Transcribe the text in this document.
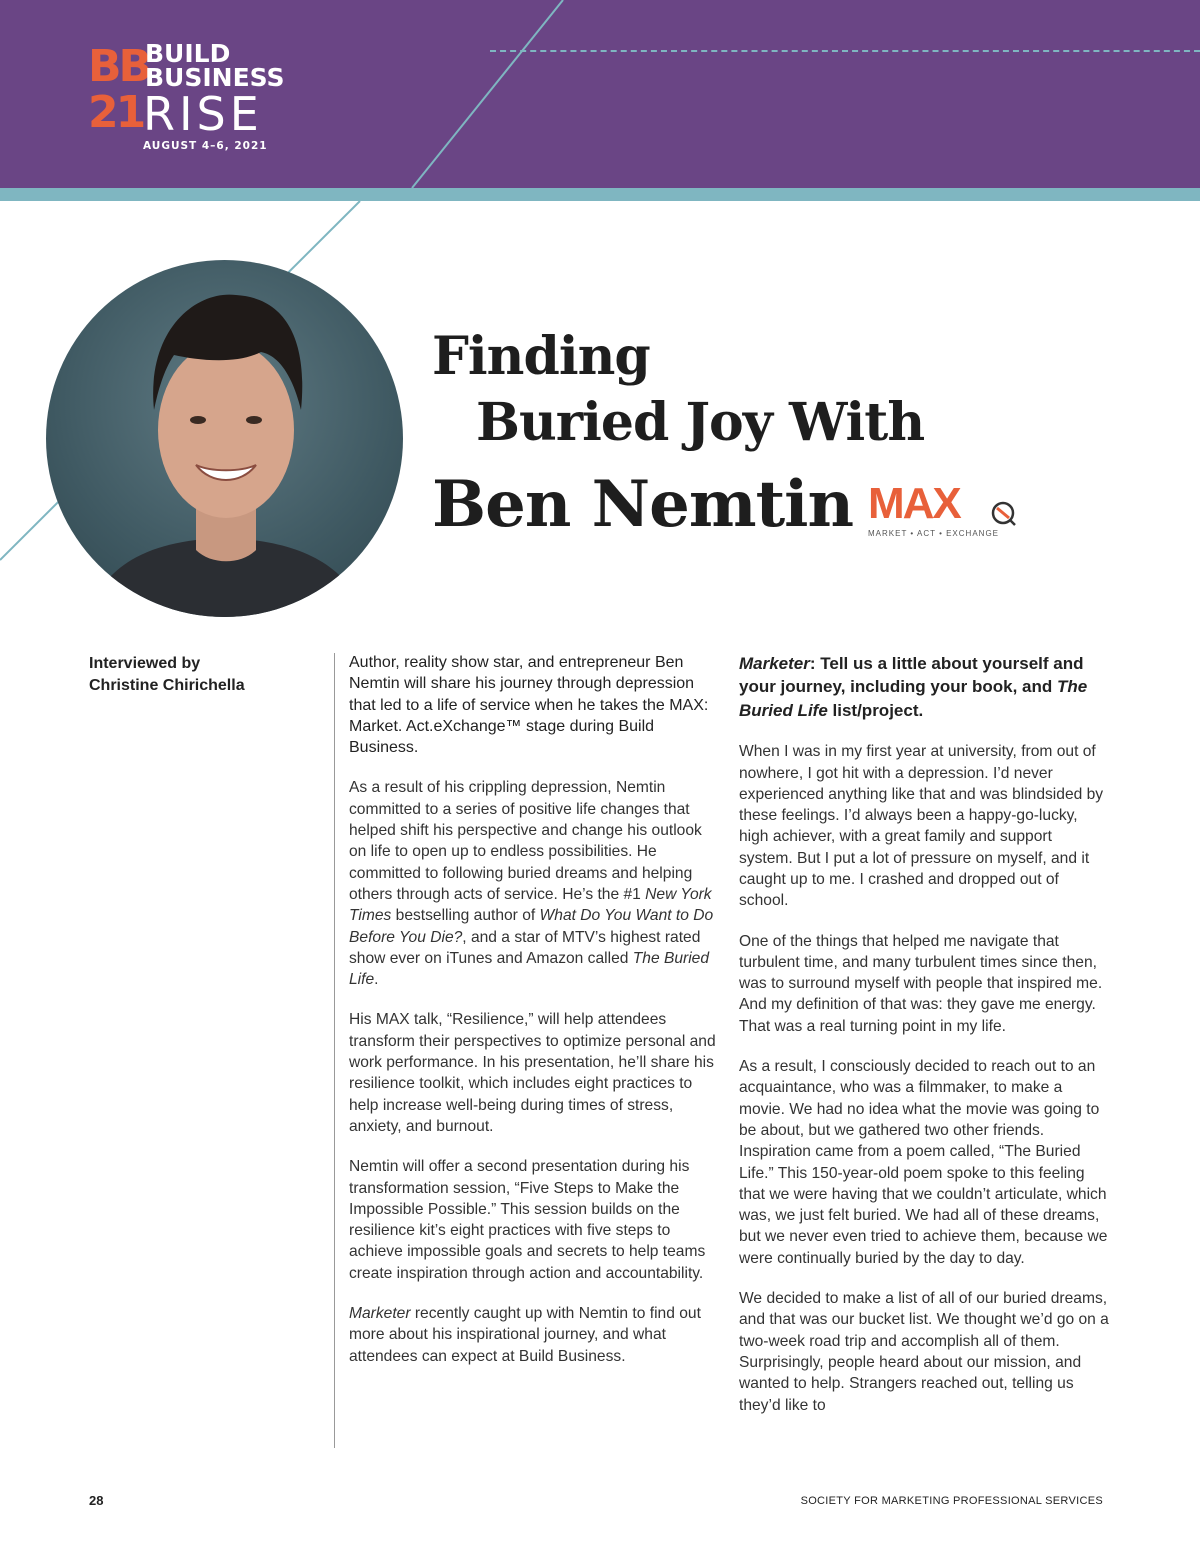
BB
21
BUILD
BUSINESS
RISE
AUGUST 4–6, 2021
Finding
Buried Joy With
Ben Nemtin MAX
MARKET • ACT • EXCHANGE
Interviewed by
Christine Chirichella

Author, reality show star, and entrepreneur Ben Nemtin will share his journey through depression that led to a life of service when he takes the MAX: Market. Act.eXchange™ stage during Build Business.

As a result of his crippling depression, Nemtin committed to a series of positive life changes that helped shift his perspective and change his outlook on life to open up to endless possibilities. He committed to following buried dreams and helping others through acts of service. He’s the #1 New York Times bestselling author of What Do You Want to Do Before You Die?, and a star of MTV’s highest rated show ever on iTunes and Amazon called The Buried Life.

His MAX talk, “Resilience,” will help attendees transform their perspectives to optimize personal and work performance. In his presentation, he’ll share his resilience toolkit, which includes eight practices to help increase well-being during times of stress, anxiety, and burnout.

Nemtin will offer a second presentation during his transformation session, “Five Steps to Make the Impossible Possible.” This session builds on the resilience kit’s eight practices with five steps to achieve impossible goals and secrets to help teams create inspiration through action and accountability.

Marketer recently caught up with Nemtin to find out more about his inspirational journey, and what attendees can expect at Build Business.

Marketer: Tell us a little about yourself and your journey, including your book, and The Buried Life list/project.

When I was in my first year at university, from out of nowhere, I got hit with a depression. I’d never experienced anything like that and was blindsided by these feelings. I’d always been a happy-go-lucky, high achiever, with a great family and support system. But I put a lot of pressure on myself, and it caught up to me. I crashed and dropped out of school.

One of the things that helped me navigate that turbulent time, and many turbulent times since then, was to surround myself with people that inspired me. And my definition of that was: they gave me energy. That was a real turning point in my life.

As a result, I consciously decided to reach out to an acquaintance, who was a filmmaker, to make a movie. We had no idea what the movie was going to be about, but we gathered two other friends. Inspiration came from a poem called, “The Buried Life.” This 150-year-old poem spoke to this feeling that we were having that we couldn’t articulate, which was, we just felt buried. We had all of these dreams, but we never even tried to achieve them, because we were continually buried by the day to day.

We decided to make a list of all of our buried dreams, and that was our bucket list. We thought we’d go on a two-week road trip and accomplish all of them. Surprisingly, people heard about our mission, and wanted to help. Strangers reached out, telling us they’d like to

28	SOCIETY FOR MARKETING PROFESSIONAL SERVICES
